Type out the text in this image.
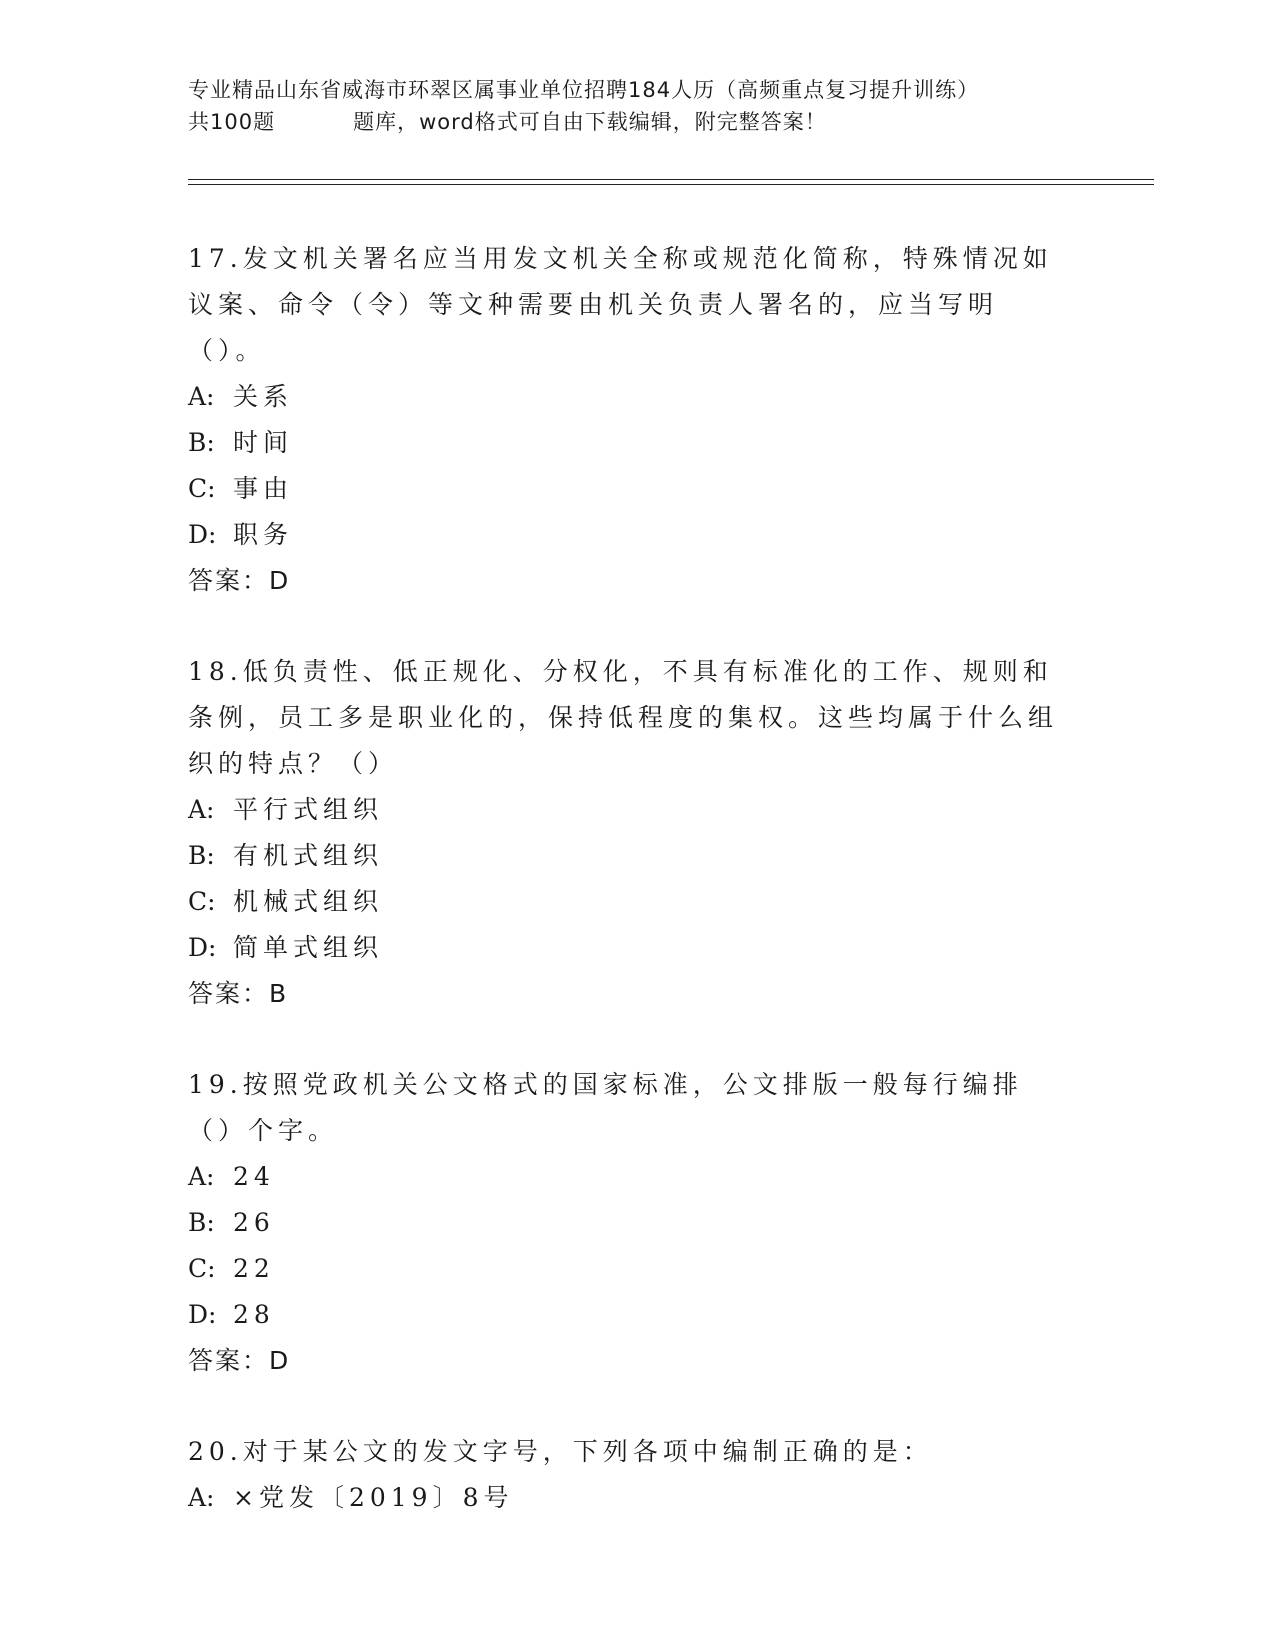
专业精品山东省威海市环翠区属事业单位招聘184人历（高频重点复习提升训练）
共100题	题库，word格式可自由下载编辑，附完整答案！
17.发文机关署名应当用发文机关全称或规范化简称，特殊情况如议案、命令（令）等文种需要由机关负责人署名的，应当写明（）。
A: 关系
B: 时间
C: 事由
D: 职务
答案：D
18.低负责性、低正规化、分权化，不具有标准化的工作、规则和条例，员工多是职业化的，保持低程度的集权。这些均属于什么组织的特点？（）
A: 平行式组织
B: 有机式组织
C: 机械式组织
D: 简单式组织
答案：B
19.按照党政机关公文格式的国家标准，公文排版一般每行编排（）个字。
A: 24
B: 26
C: 22
D: 28
答案：D
20.对于某公文的发文字号，下列各项中编制正确的是：
A: ×党发〔2019〕8号
